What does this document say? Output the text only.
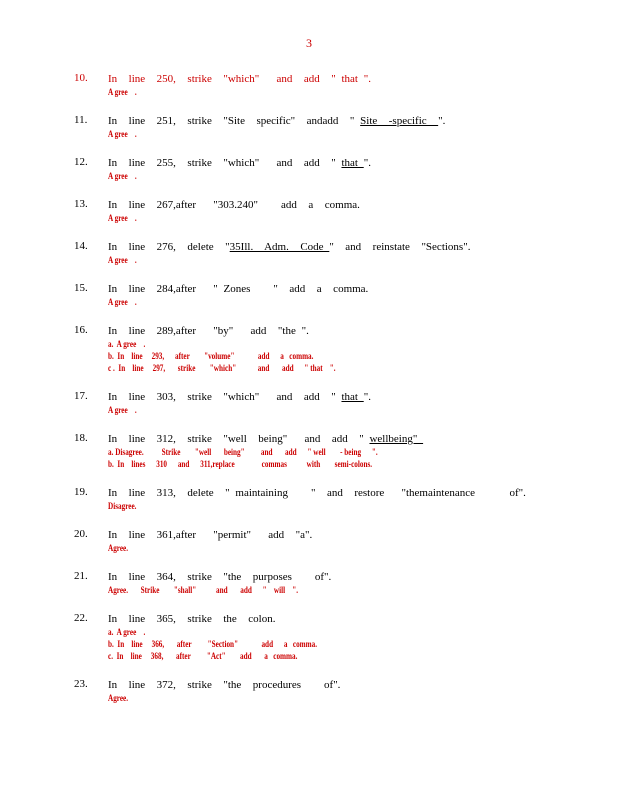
3
10. In  line  250,  strike  "which"   and  add  " that ".
A gree    .
11. In  line  251,  strike  "Site  specific"  andadd  " Site  -specific  ".
A gree    .
12. In  line  255,  strike  "which"   and  add  " that ".
A gree    .
13. In  line  267,after   "303.240"    add  a  comma.
A gree    .
14. In  line  276,  delete  "35Ill.  Adm.  Code "  and  reinstate  "Sections".
A gree    .
15. In  line  284,after   " Zones    "  add  a  comma.
A gree    .
16. In  line  289,after   "by"   add  "the ".
a.  A gree    .
b.  In    line     293,      after        "volume"             add      a   comma.
c .  In    line     297,       strike        "which"            and       add      " that    ".
17. In  line  303,  strike  "which"   and  add  " that ".
A gree    .
18. In  line  312,  strike  "well  being"   and  add  " wellbeing"
a. Disagree.          Strike        "well       being"         and       add      " well        - being      ".
b.  In    lines      310      and      311,replace               commas           with        semi-colons.
19. In  line  313,  delete  " maintaining    "  and  restore   "themaintenance      of".
Disagree.
20. In  line  361,after   "permit"   add  "a".
Agree.
21. In  line  364,  strike  "the  purposes    of".
Agree.       Strike        "shall"           and       add      "    will    ".
22. In  line  365,  strike  the  colon.
a.  A gree    .
b.  In    line     366,       after         "Section"             add      a   comma.
c.  In    line     368,       after         "Act"        add       a   comma.
23. In  line  372,  strike  "the  procedures    of".
Agree.
